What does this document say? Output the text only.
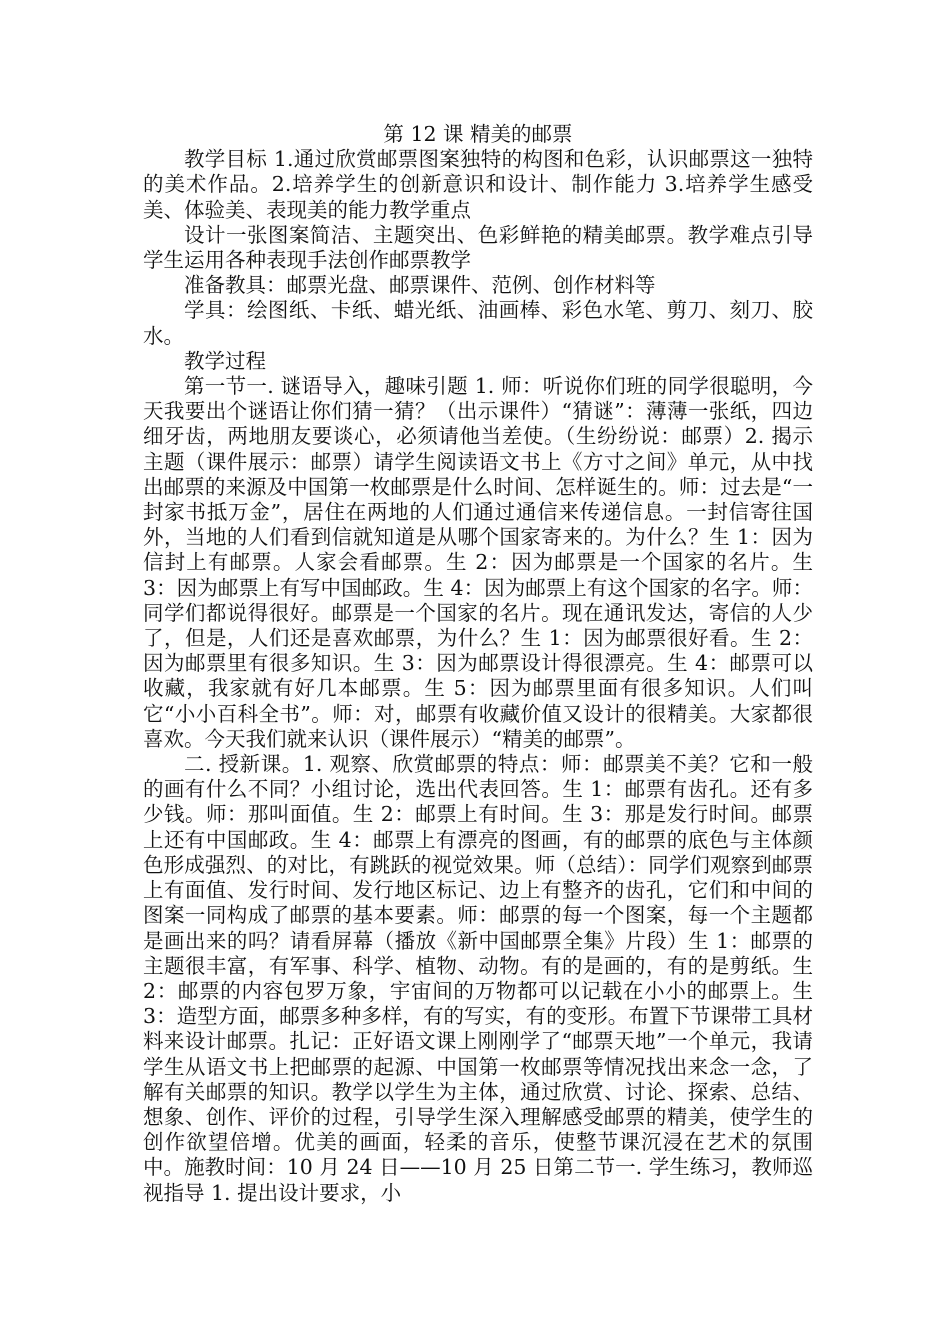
第 12 课 精美的邮票

教学目标 1.通过欣赏邮票图案独特的构图和色彩，认识邮票这一独特的美术作品。2.培养学生的创新意识和设计、制作能力 3.培养学生感受美、体验美、表现美的能力教学重点

设计一张图案简洁、主题突出、色彩鲜艳的精美邮票。教学难点引导学生运用各种表现手法创作邮票教学

准备教具：邮票光盘、邮票课件、范例、创作材料等

学具：绘图纸、卡纸、蜡光纸、油画棒、彩色水笔、剪刀、刻刀、胶水。

教学过程

第一节一. 谜语导入，趣味引题 1. 师：听说你们班的同学很聪明，今天我要出个谜语让你们猜一猜？（出示课件）“猜谜”：薄薄一张纸，四边细牙齿，两地朋友要谈心，必须请他当差使。（生纷纷说：邮票）2. 揭示主题（课件展示：邮票）请学生阅读语文书上《方寸之间》单元，从中找出邮票的来源及中国第一枚邮票是什么时间、怎样诞生的。师：过去是“一封家书抵万金”，居住在两地的人们通过通信来传递信息。一封信寄往国外，当地的人们看到信就知道是从哪个国家寄来的。为什么？生 1：因为信封上有邮票。人家会看邮票。生 2：因为邮票是一个国家的名片。生 3：因为邮票上有写中国邮政。生 4：因为邮票上有这个国家的名字。师：同学们都说得很好。邮票是一个国家的名片。现在通讯发达，寄信的人少了，但是，人们还是喜欢邮票，为什么？生 1：因为邮票很好看。生 2：因为邮票里有很多知识。生 3：因为邮票设计得很漂亮。生 4：邮票可以收藏，我家就有好几本邮票。生 5：因为邮票里面有很多知识。人们叫它“小小百科全书”。师：对，邮票有收藏价值又设计的很精美。大家都很喜欢。今天我们就来认识（课件展示）“精美的邮票”。

二. 授新课。1. 观察、欣赏邮票的特点：师：邮票美不美？它和一般的画有什么不同？小组讨论，选出代表回答。生 1：邮票有齿孔。还有多少钱。师：那叫面值。生 2：邮票上有时间。生 3：那是发行时间。邮票上还有中国邮政。生 4：邮票上有漂亮的图画，有的邮票的底色与主体颜色形成强烈、的对比，有跳跃的视觉效果。师（总结）：同学们观察到邮票上有面值、发行时间、发行地区标记、边上有整齐的齿孔，它们和中间的图案一同构成了邮票的基本要素。师：邮票的每一个图案，每一个主题都是画出来的吗？请看屏幕（播放《新中国邮票全集》片段）生 1：邮票的主题很丰富，有军事、科学、植物、动物。有的是画的，有的是剪纸。生 2：邮票的内容包罗万象，宇宙间的万物都可以记载在小小的邮票上。生 3：造型方面，邮票多种多样，有的写实，有的变形。布置下节课带工具材料来设计邮票。扎记：正好语文课上刚刚学了“邮票天地”一个单元，我请学生从语文书上把邮票的起源、中国第一枚邮票等情况找出来念一念，了解有关邮票的知识。教学以学生为主体，通过欣赏、讨论、探索、总结、想象、创作、评价的过程，引导学生深入理解感受邮票的精美，使学生的创作欲望倍增。优美的画面，轻柔的音乐，使整节课沉浸在艺术的氛围中。施教时间：10 月 24 日——10 月 25 日第二节一. 学生练习，教师巡视指导 1. 提出设计要求，小
